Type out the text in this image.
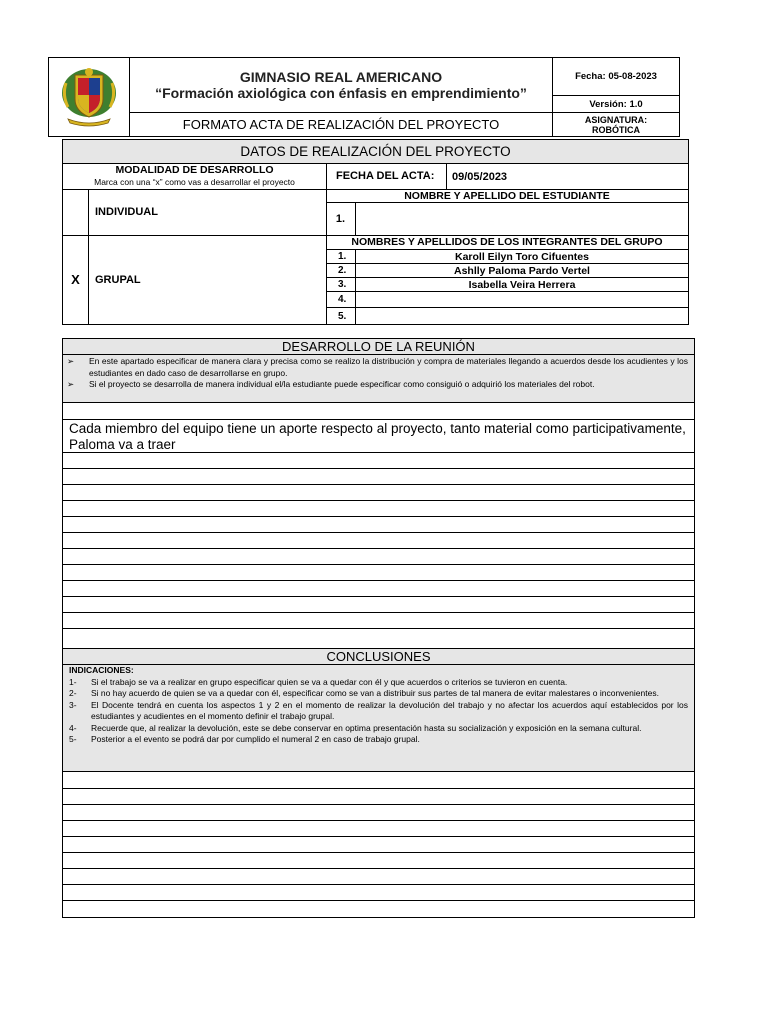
GIMNASIO REAL AMERICANO
“Formación axiológica con énfasis en emprendimiento”
FORMATO ACTA DE REALIZACIÓN DEL PROYECTO
Fecha: 05-08-2023
Versión: 1.0
ASIGNATURA:
ROBÓTICA
DATOS DE REALIZACIÓN DEL PROYECTO
MODALIDAD DE DESARROLLO
Marca con una “x” como vas a desarrollar el proyecto	FECHA DEL ACTA: 09/05/2023
INDIVIDUAL
NOMBRE Y APELLIDO DEL ESTUDIANTE
1.
X GRUPAL
NOMBRES Y APELLIDOS DE LOS INTEGRANTES DEL GRUPO
1.	Karoll Eilyn Toro Cifuentes
2.	Ashlly Paloma Pardo Vertel
3.	Isabella Veira Herrera
4.
5.
DESARROLLO DE LA REUNIÓN
➢	En este apartado especificar de manera clara y precisa como se realizo la distribución y compra de materiales llegando a acuerdos desde los acudientes y los estudiantes en dado caso de desarrollarse en grupo.
➢	Si el proyecto se desarrolla de manera individual el/la estudiante puede especificar como consiguió o adquirió los materiales del robot.
Cada miembro del equipo tiene un aporte respecto al proyecto, tanto material como participativamente, Paloma va a traer
CONCLUSIONES
INDICACIONES:
1-	Si el trabajo se va a realizar en grupo especificar quien se va a quedar con él y que acuerdos o criterios se tuvieron en cuenta.
2-	Si no hay acuerdo de quien se va a quedar con él, especificar como se van a distribuir sus partes de tal manera de evitar malestares o inconvenientes.
3-	El Docente tendrá en cuenta los aspectos 1 y 2 en el momento de realizar la devolución del trabajo y no afectar los acuerdos aquí establecidos por los estudiantes y acudientes en el momento definir el trabajo grupal.
4-	Recuerde que, al realizar la devolución, este se debe conservar en optima presentación hasta su socialización y exposición en la semana cultural.
5-	Posterior a el evento se podrá dar por cumplido el numeral 2 en caso de trabajo grupal.
